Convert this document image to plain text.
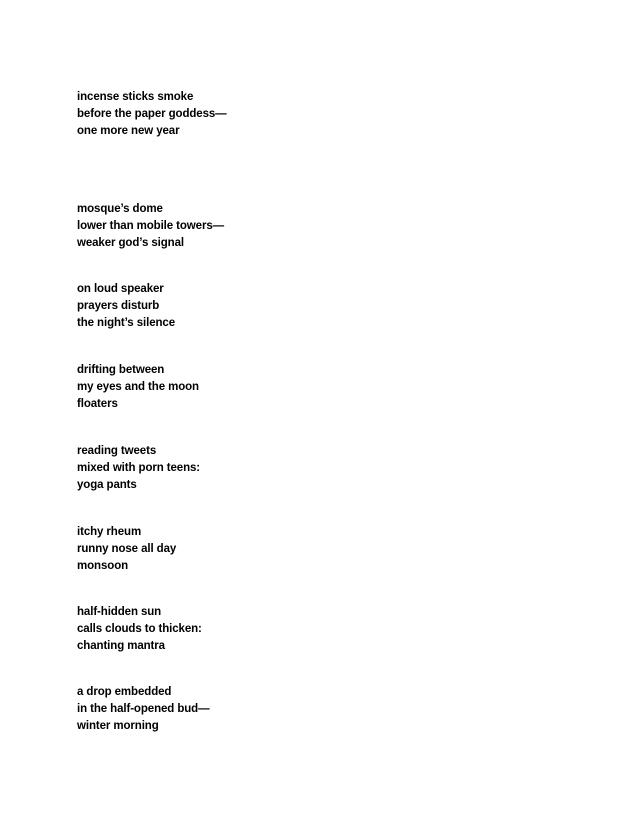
incense sticks smoke
before the paper goddess—
one more new year
mosque’s dome
lower than mobile towers—
weaker god’s signal
on loud speaker
prayers disturb
the night’s silence
drifting between
my eyes and the moon
floaters
reading tweets
mixed with porn teens:
yoga pants
itchy rheum
runny nose all day
monsoon
half-hidden sun
calls clouds to thicken:
chanting mantra
a drop embedded
in the half-opened bud—
winter morning
